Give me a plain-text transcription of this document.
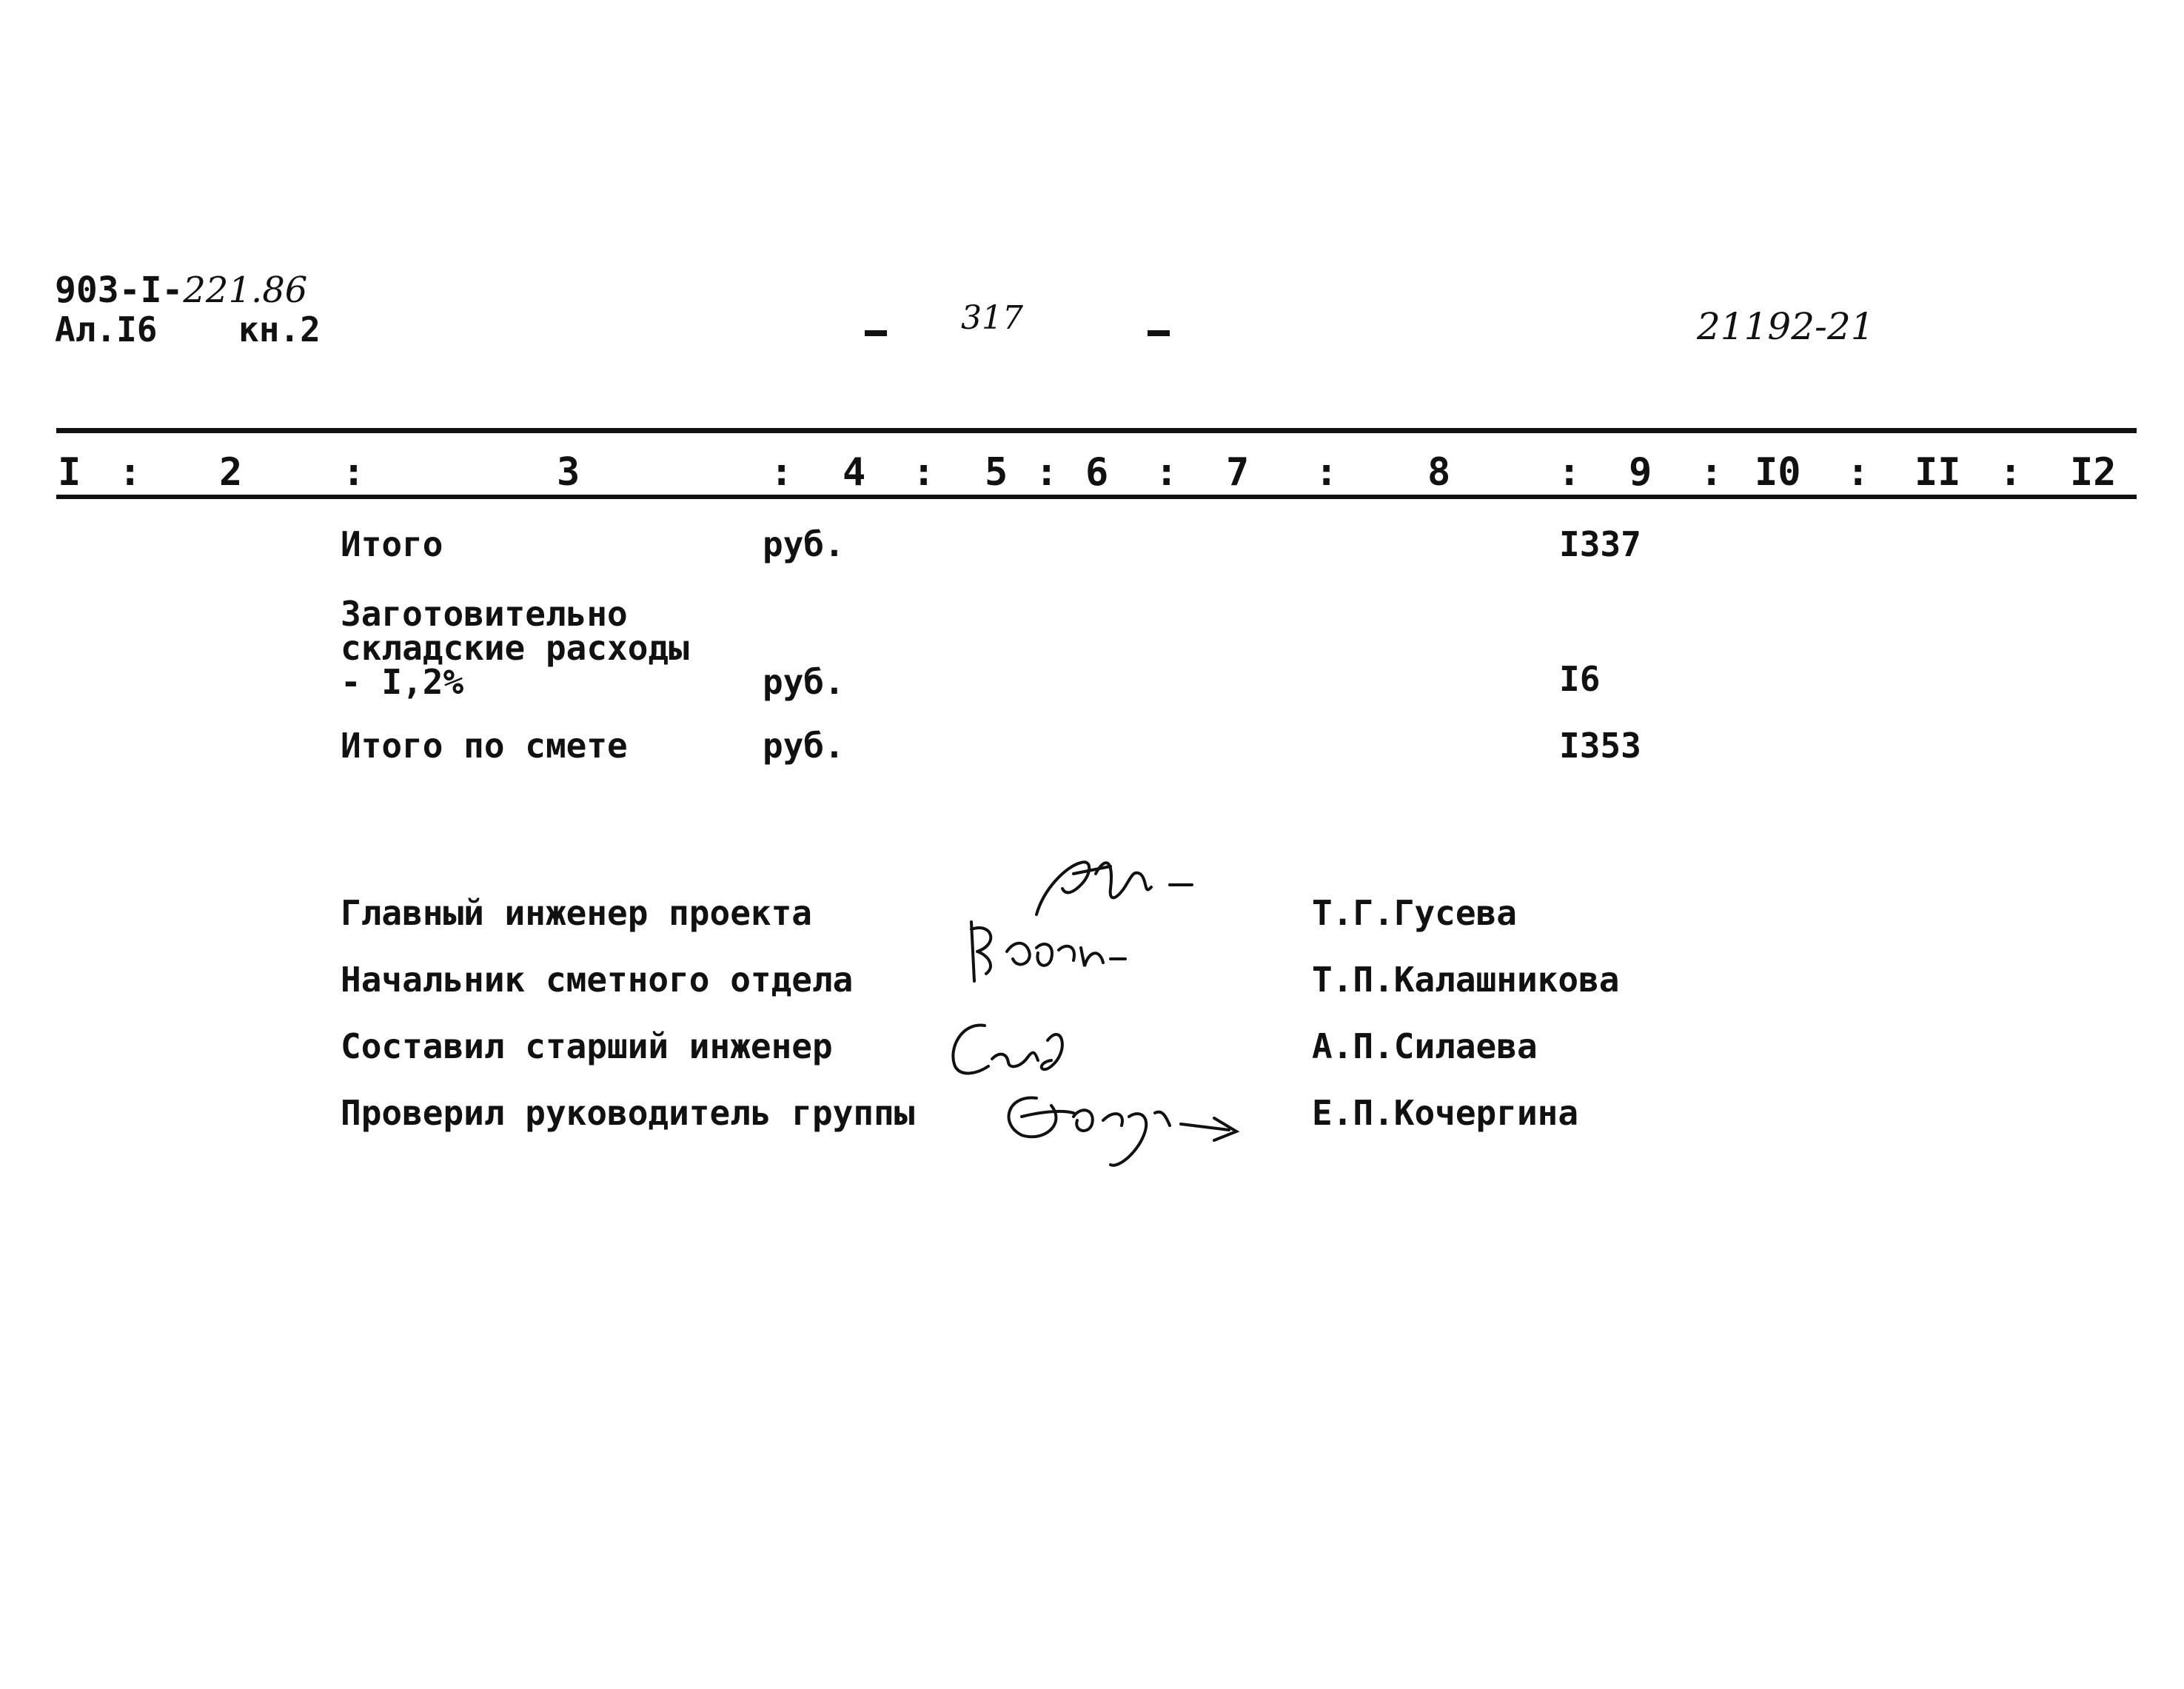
903-I-221.86
Ал.I6 кн.2	317	21192-21
I	2	3	4	5 6	7	8	9	I0	II	I2
:	:	:	:	:	:	:	:	:	:	:
Итого	руб.	I337
Заготовительно
складские расходы
- I,2%	руб.	I6
Итого по смете	руб.	I353
Главный инженер проекта	Т.Г.Гусева
Начальник сметного отдела	Т.П.Калашникова
Составил старший инженер	А.П.Силаева
Проверил руководитель группы	Е.П.Кочергина
